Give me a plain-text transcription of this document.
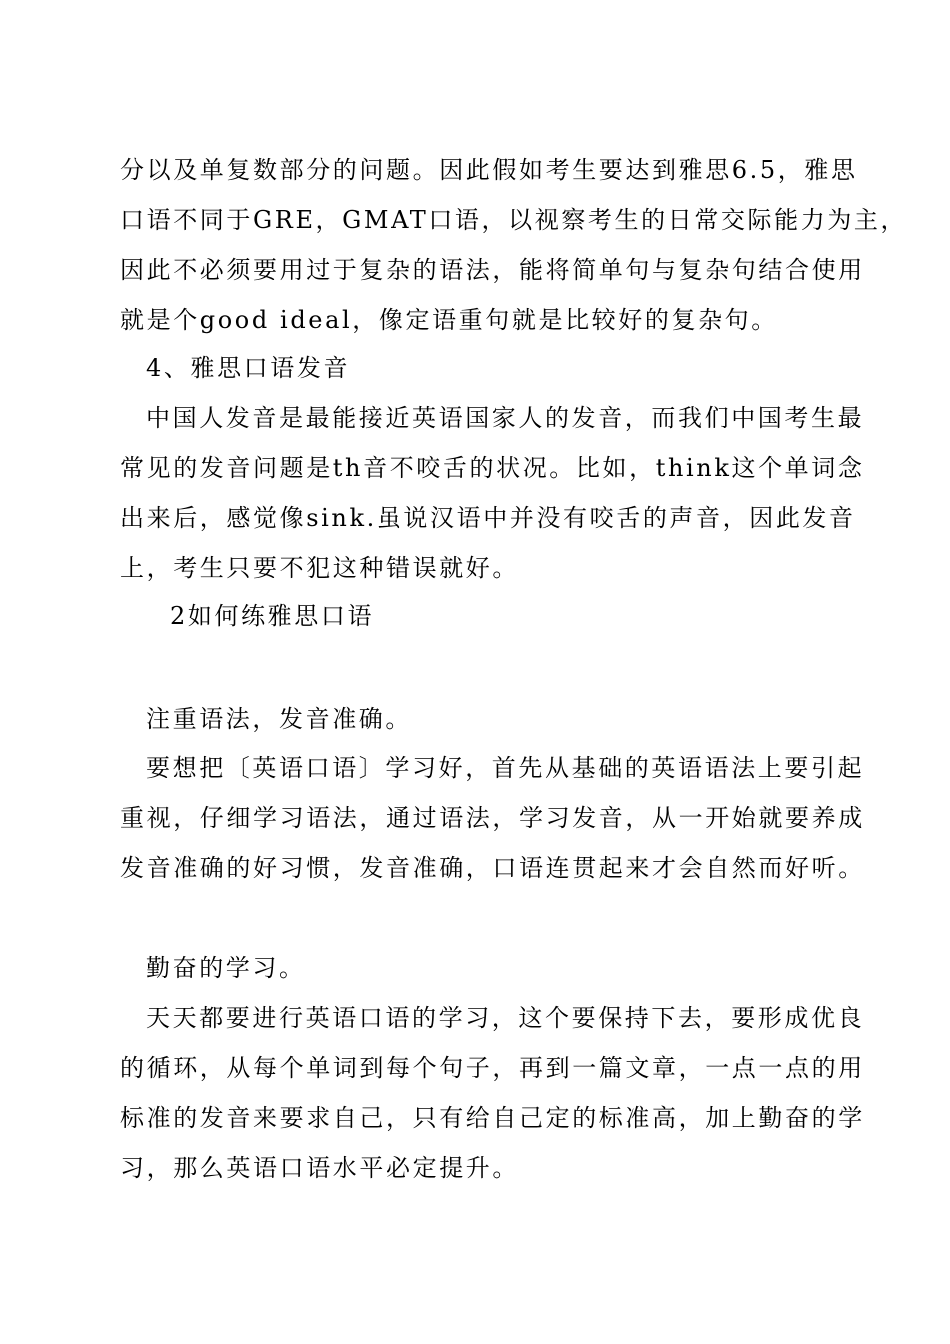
分以及单复数部分的问题。因此假如考生要达到雅思6.5，雅思

口语不同于GRE，GMAT口语，以视察考生的日常交际能力为主，

因此不必须要用过于复杂的语法，能将简单句与复杂句结合使用

就是个good ideal，像定语重句就是比较好的复杂句。

4、雅思口语发音

中国人发音是最能接近英语国家人的发音，而我们中国考生最

常见的发音问题是th音不咬舌的状况。比如，think这个单词念

出来后，感觉像sink.虽说汉语中并没有咬舌的声音，因此发音

上，考生只要不犯这种错误就好。

2如何练雅思口语

注重语法，发音准确。

要想把〔英语口语〕学习好，首先从基础的英语语法上要引起

重视，仔细学习语法，通过语法，学习发音，从一开始就要养成

发音准确的好习惯，发音准确，口语连贯起来才会自然而好听。

勤奋的学习。

天天都要进行英语口语的学习，这个要保持下去，要形成优良

的循环，从每个单词到每个句子，再到一篇文章，一点一点的用

标准的发音来要求自己，只有给自己定的标准高，加上勤奋的学

习，那么英语口语水平必定提升。
